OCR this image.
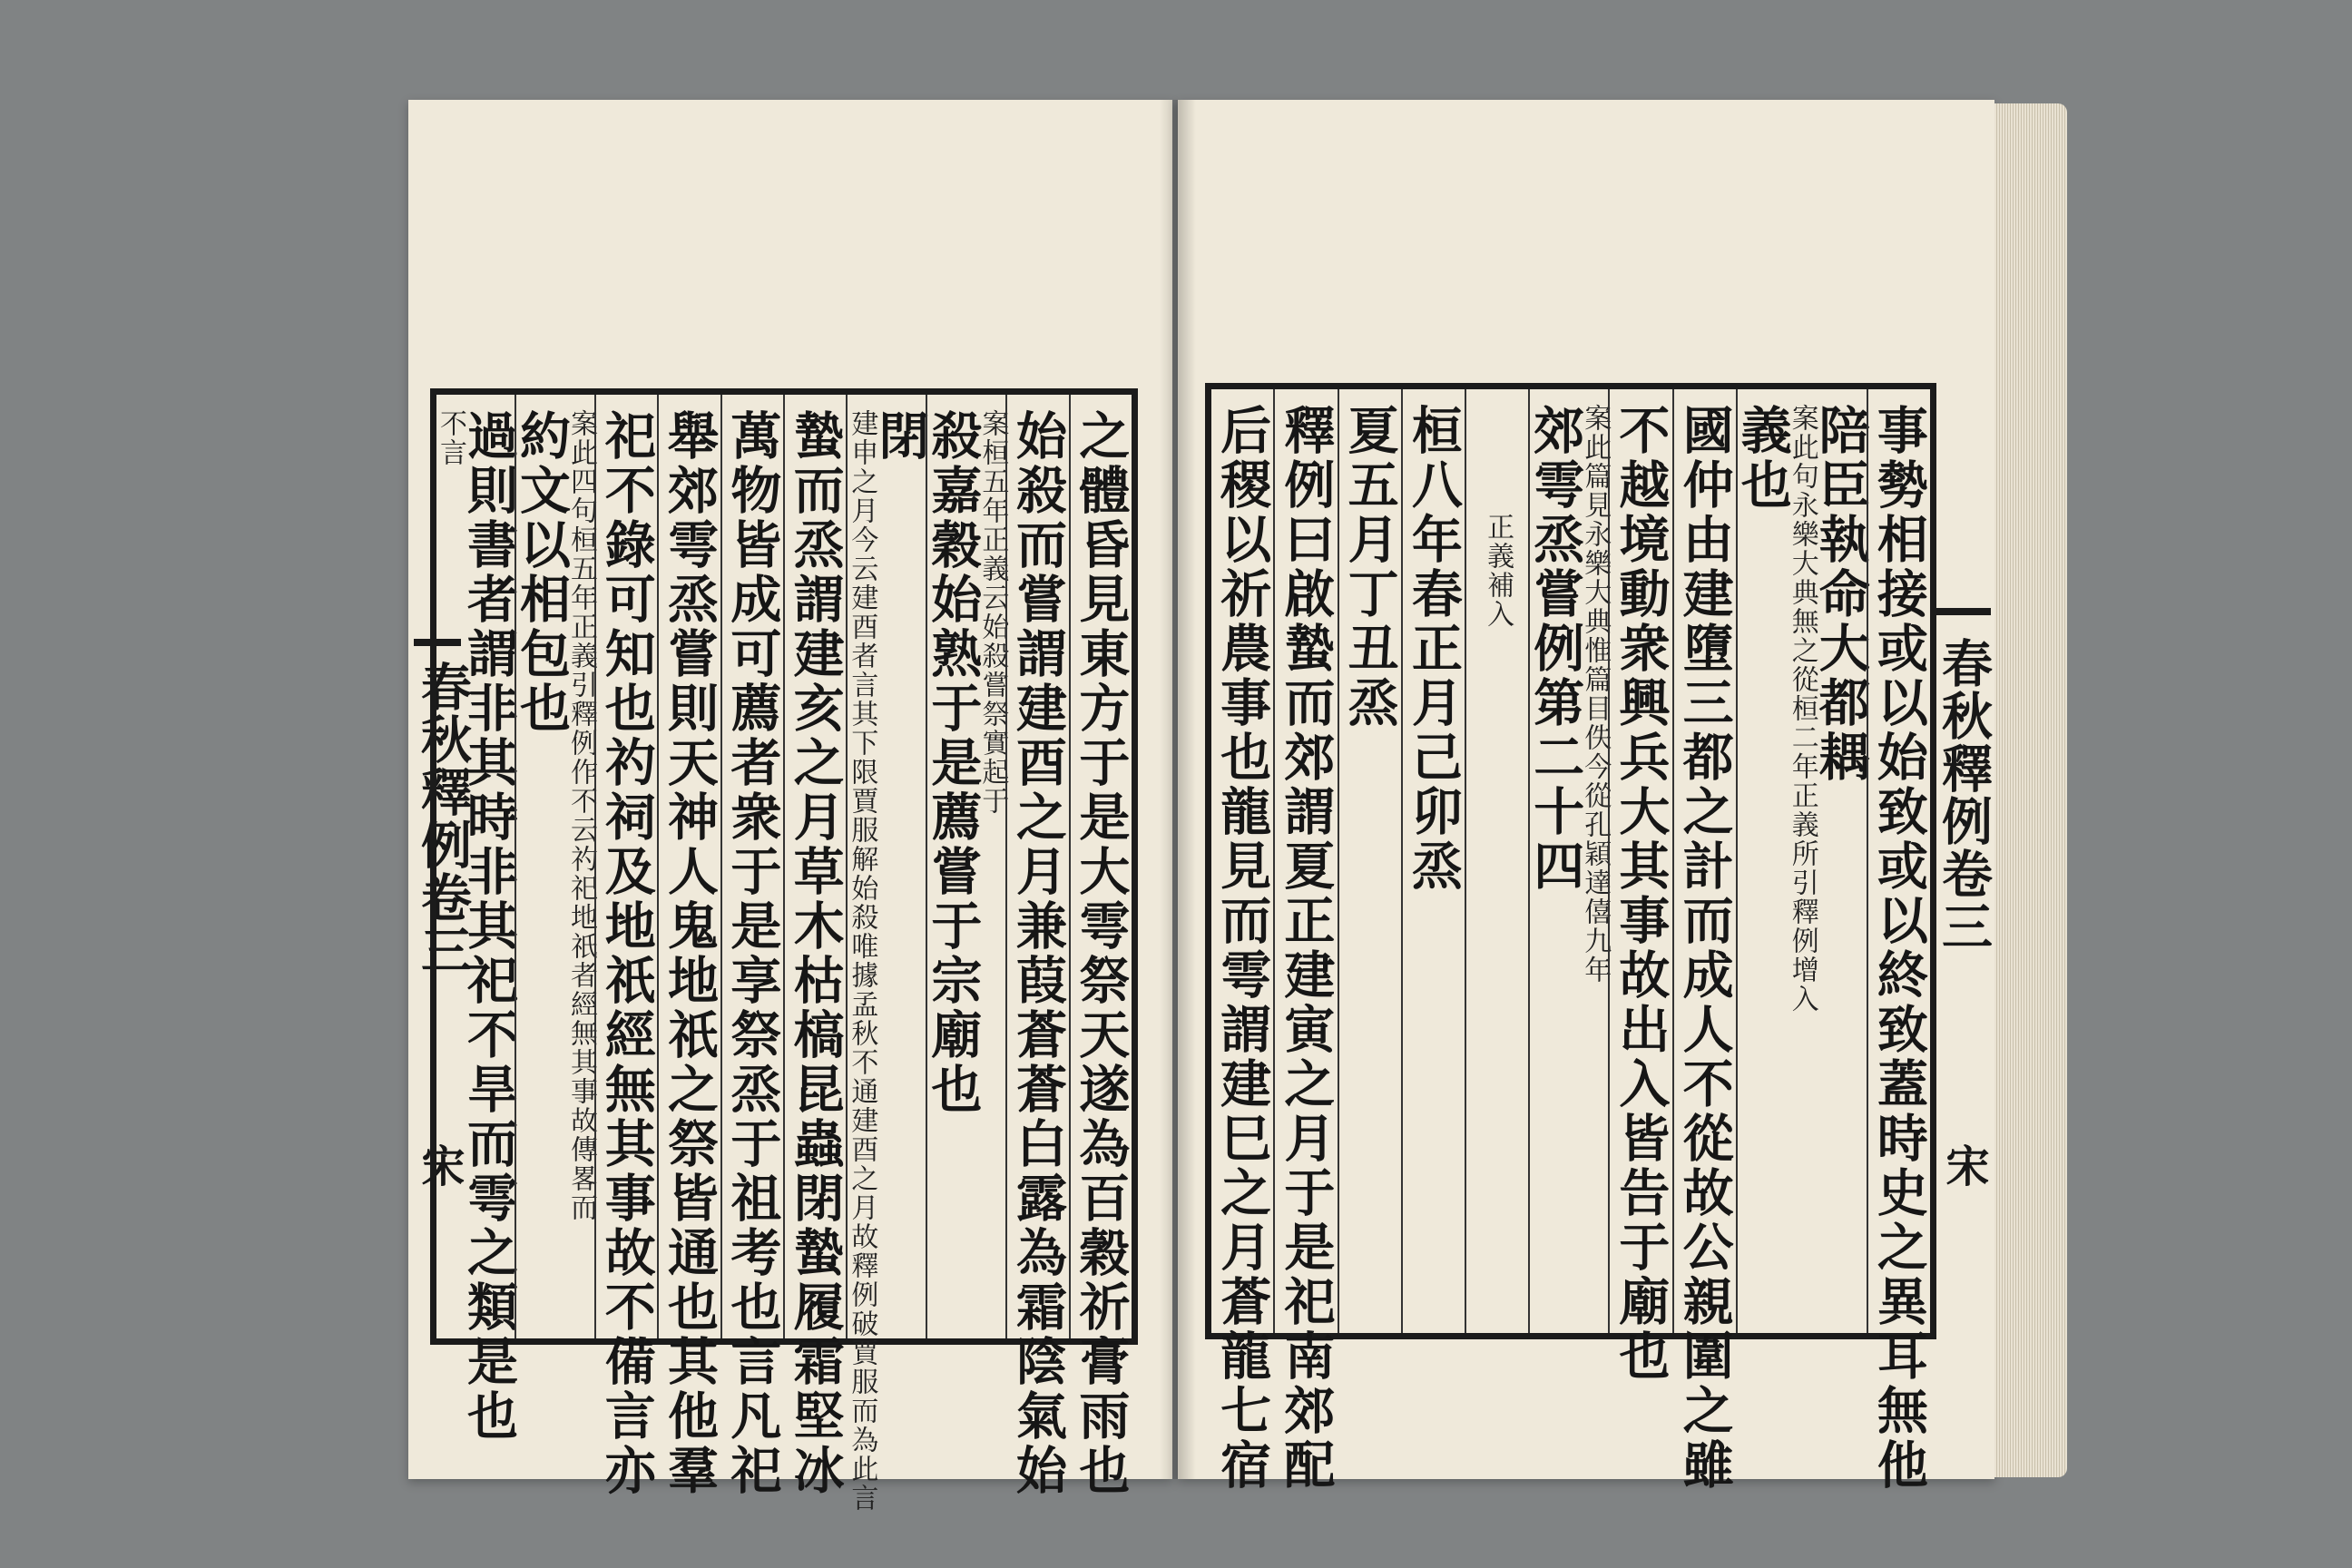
春秋釋例卷三
宋	之體昏見東方于是大雩祭天遂為百穀祈膏雨也
始殺而嘗謂建酉之月兼葭蒼蒼白露為霜陰氣始
殺嘉穀始熟于是薦嘗于宗廟也
案桓五年正義云始殺嘗祭實起于
建申之月今云建酉者言其下限賈服解始殺唯據孟秋不通建酉之月故釋例破賈服而為此言
閉
蟄而烝謂建亥之月草木枯槁昆蟲閉蟄履霜堅冰
萬物皆成可薦者衆于是享祭烝于祖考也言凡祀
舉郊雩烝嘗則天神人鬼地祇之祭皆通也其他羣
祀不錄可知也礿祠及地祇經無其事故不備言亦
約文以相包也
案此四句桓五年正義引釋例作不云礿祀地祇者經無其事故傳畧而
不言
過則書者謂非其時非其祀不旱而雩之類是也	春秋釋例卷三
宋
事勢相接或以始致或以終致蓋時史之異耳無他
義也
案此句永樂大典無之從桓二年正義所引釋例增入
陪臣執命大都耦
國仲由建墮三都之計而成人不從故公親圍之雖
不越境動衆興兵大其事故出入皆告于廟也
郊雩烝嘗例第二十四
案此篇見永樂大典惟篇目佚今從孔穎達僖九年
正義補入
桓八年春正月己卯烝
夏五月丁丑烝
釋例曰啟蟄而郊謂夏正建寅之月于是祀南郊配
后稷以祈農事也龍見而雩謂建巳之月蒼龍七宿
